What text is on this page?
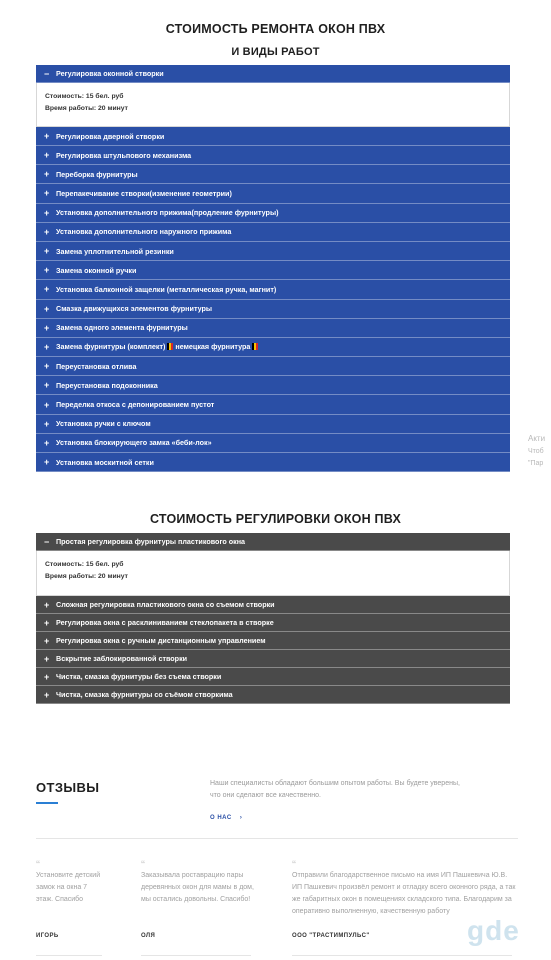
СТОИМОСТЬ РЕМОНТА ОКОН ПВХ
И ВИДЫ РАБОТ
− Регулировка оконной створки
Стоимость: 15 бел. руб
Время работы: 20 минут
+ Регулировка дверной створки
+ Регулировка штульпового механизма
+ Переборка фурнитуры
+ Перепакечивание створки(изменение геометрии)
+ Установка дополнительного прижима(продление фурнитуры)
+ Установка дополнительного наружного прижима
+ Замена уплотнительной резинки
+ Замена оконной ручки
+ Установка балконной защелки (металлическая ручка, магнит)
+ Смазка движущихся элементов фурнитуры
+ Замена одного элемента фурнитуры
+ Замена фурнитуры (комплект) немецкая фурнитура
+ Переустановка отлива
+ Переустановка подоконника
+ Переделка откоса с депонированием пустот
+ Установка ручки с ключом
+ Установка блокирующего замка «беби-лок»
+ Установка москитной сетки
Акти
Чтоб
"Пар
СТОИМОСТЬ РЕГУЛИРОВКИ ОКОН ПВХ
− Простая регулировка фурнитуры пластикового окна
Стоимость: 15 бел. руб
Время работы: 20 минут
+ Сложная регулировка пластикового окна со съемом створки
+ Регулировка окна с расклиниванием стеклопакета в створке
+ Регулировка окна с ручным дистанционным управлением
+ Вскрытие заблокированной створки
+ Чистка, смазка фурнитуры без съема створки
+ Чистка, смазка фурнитуры со съёмом створкима
ОТЗЫВЫ	Наши специалисты обладают большим опытом работы. Вы будете уверены, что они сделают все качественно.
О НАС ›
“
Установите детский замок на окна 7 этаж. Спасибо
ИГОРЬ
“
Заказывала роставрацию пары деревянных окон для мамы в дом, мы остались довольны. Спасибо!
ОЛЯ
“
Отправили благодарственное письмо на имя ИП Пашкевича Ю.В. ИП Пашкевич произвёл ремонт и отладку всего оконного ряда, а так же габаритных окон в помещениях складского типа. Благодарим за оперативно выполненную, качественную работу
ООО "ТРАСТИМПУЛЬС"	gde
